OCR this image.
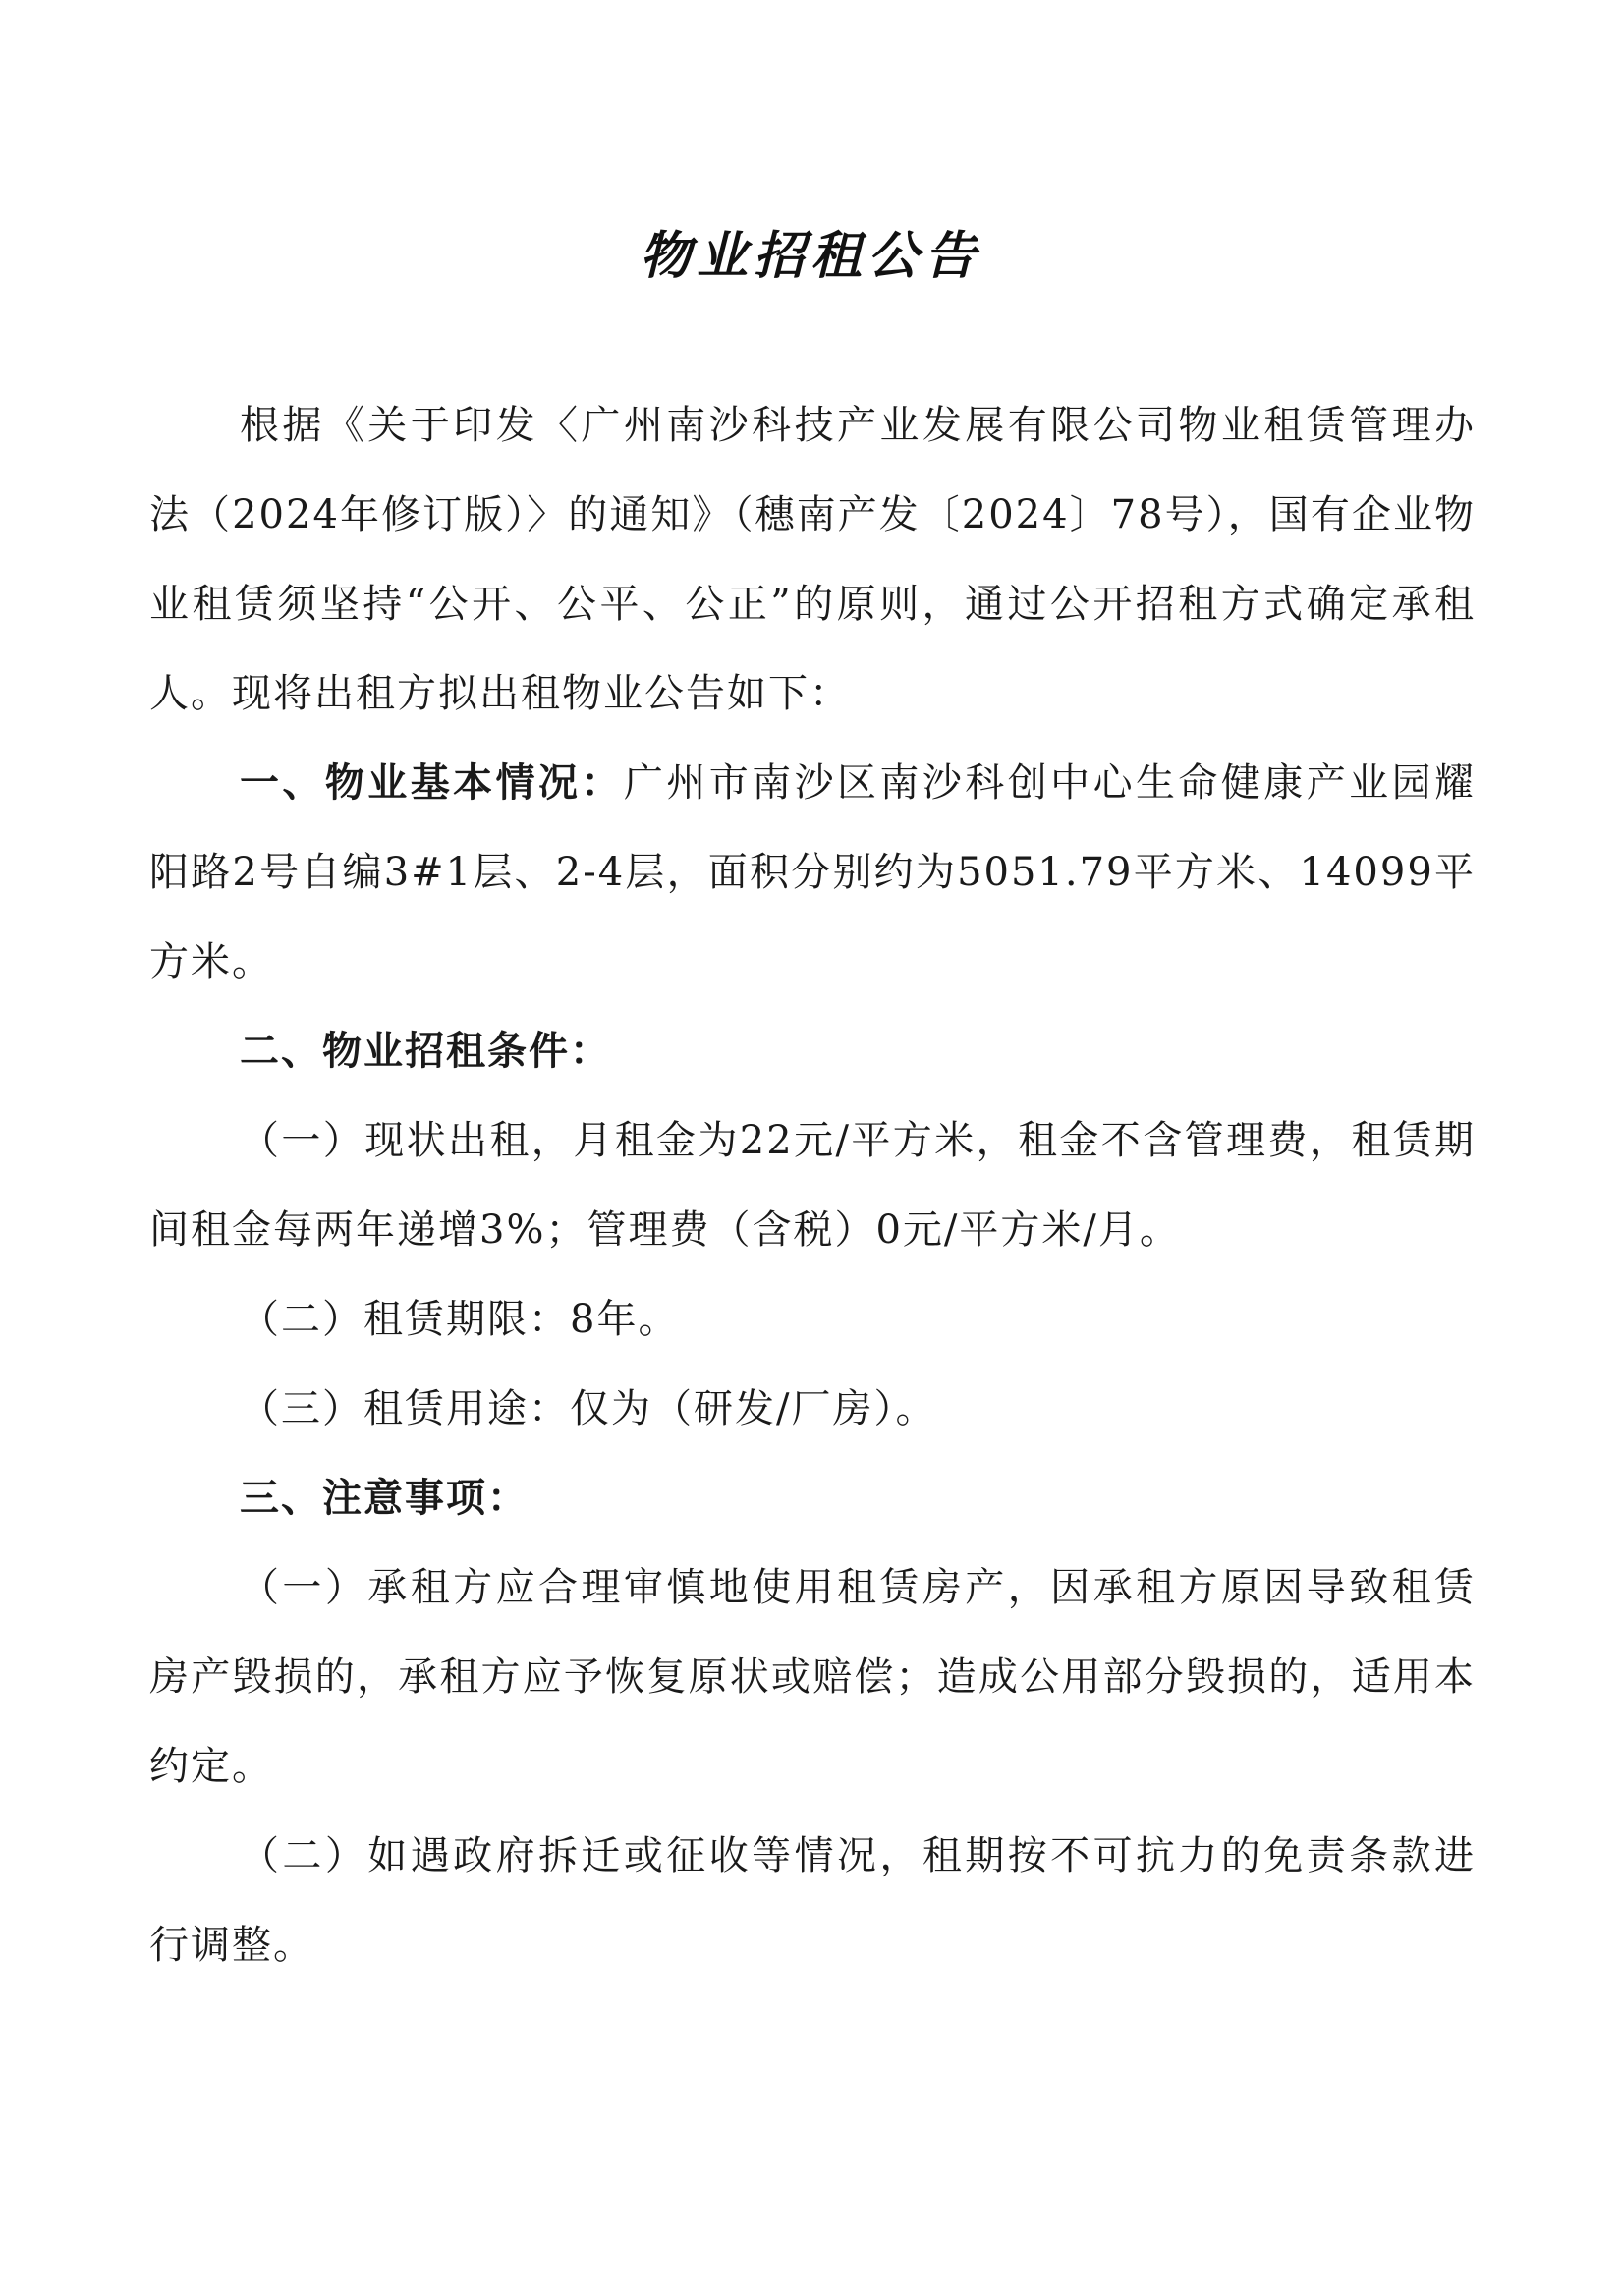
物业招租公告

根据《关于印发〈广州南沙科技产业发展有限公司物业租赁管理办法（2024年修订版）〉的通知》（穗南产发〔2024〕78号），国有企业物业租赁须坚持“公开、公平、公正”的原则，通过公开招租方式确定承租人。现将出租方拟出租物业公告如下：

一、物业基本情况：广州市南沙区南沙科创中心生命健康产业园耀阳路2号自编3#1层、2-4层，面积分别约为5051.79平方米、14099平方米。

二、物业招租条件：

（一）现状出租，月租金为22元/平方米，租金不含管理费，租赁期间租金每两年递增3%；管理费（含税）0元/平方米/月。

（二）租赁期限：8年。

（三）租赁用途：仅为（研发/厂房）。

三、注意事项：

（一）承租方应合理审慎地使用租赁房产，因承租方原因导致租赁房产毁损的，承租方应予恢复原状或赔偿；造成公用部分毁损的，适用本约定。

（二）如遇政府拆迁或征收等情况，租期按不可抗力的免责条款进行调整。
